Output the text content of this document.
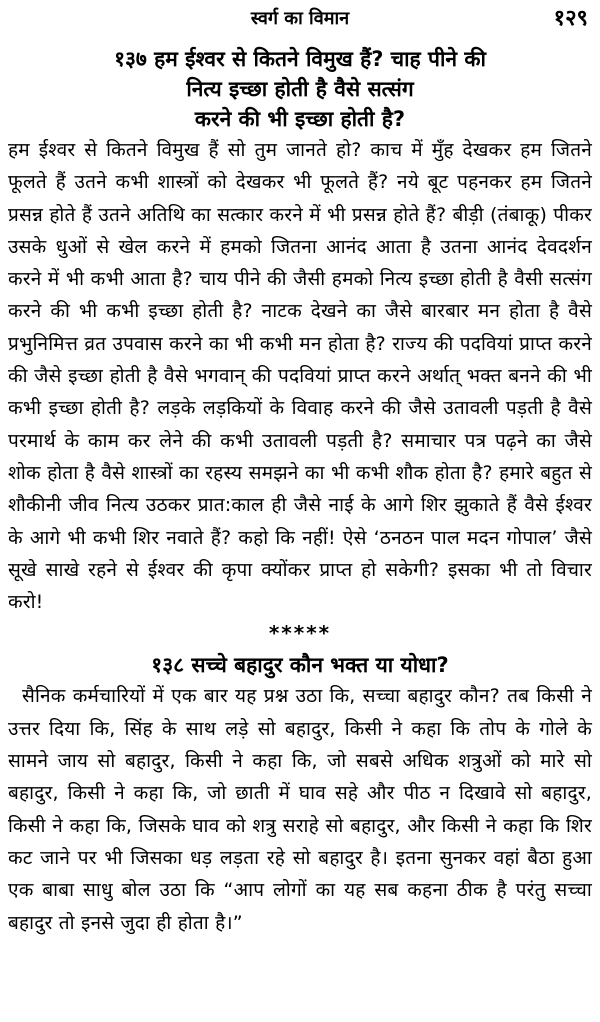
स्वर्ग का विमान	१२९
१३७ हम ईश्वर से कितने विमुख हैं? चाह पीने की
नित्य इच्छा होती है वैसे सत्संग
करने की भी इच्छा होती है?

हम ईश्वर से कितने विमुख हैं सो तुम जानते हो? काच में मुँह देखकर हम जितने फूलते हैं उतने कभी शास्त्रों को देखकर भी फूलते हैं? नये बूट पहनकर हम जितने प्रसन्न होते हैं उतने अतिथि का सत्कार करने में भी प्रसन्न होते हैं? बीड़ी (तंबाकू) पीकर उसके धुओं से खेल करने में हमको जितना आनंद आता है उतना आनंद देवदर्शन करने में भी कभी आता है? चाय पीने की जैसी हमको नित्य इच्छा होती है वैसी सत्संग करने की भी कभी इच्छा होती है? नाटक देखने का जैसे बारबार मन होता है वैसे प्रभुनिमित्त व्रत उपवास करने का भी कभी मन होता है? राज्य की पदवियां प्राप्त करने की जैसे इच्छा होती है वैसे भगवान् की पदवियां प्राप्त करने अर्थात् भक्त बनने की भी कभी इच्छा होती है? लड़के लड़कियों के विवाह करने की जैसे उतावली पड़ती है वैसे परमार्थ के काम कर लेने की कभी उतावली पड़ती है? समाचार पत्र पढ़ने का जैसे शोक होता है वैसे शास्त्रों का रहस्य समझने का भी कभी शौक होता है? हमारे बहुत से शौकीनी जीव नित्य उठकर प्रात:काल ही जैसे नाई के आगे शिर झुकाते हैं वैसे ईश्वर के आगे भी कभी शिर नवाते हैं? कहो कि नहीं! ऐसे ‘ठनठन पाल मदन गोपाल’ जैसे सूखे साखे रहने से ईश्वर की कृपा क्योंकर प्राप्त हो सकेगी? इसका भी तो विचार करो!

*****
१३८ सच्चे बहादुर कौन भक्त या योधा?

सैनिक कर्मचारियों में एक बार यह प्रश्न उठा कि, सच्चा बहादुर कौन? तब किसी ने उत्तर दिया कि, सिंह के साथ लड़े सो बहादुर, किसी ने कहा कि तोप के गोले के सामने जाय सो बहादुर, किसी ने कहा कि, जो सबसे अधिक शत्रुओं को मारे सो बहादुर, किसी ने कहा कि, जो छाती में घाव सहे और पीठ न दिखावे सो बहादुर, किसी ने कहा कि, जिसके घाव को शत्रु सराहे सो बहादुर, और किसी ने कहा कि शिर कट जाने पर भी जिसका धड़ लड़ता रहे सो बहादुर है। इतना सुनकर वहां बैठा हुआ एक बाबा साधु बोल उठा कि “आप लोगों का यह सब कहना ठीक है परंतु सच्चा बहादुर तो इनसे जुदा ही होता है।”
